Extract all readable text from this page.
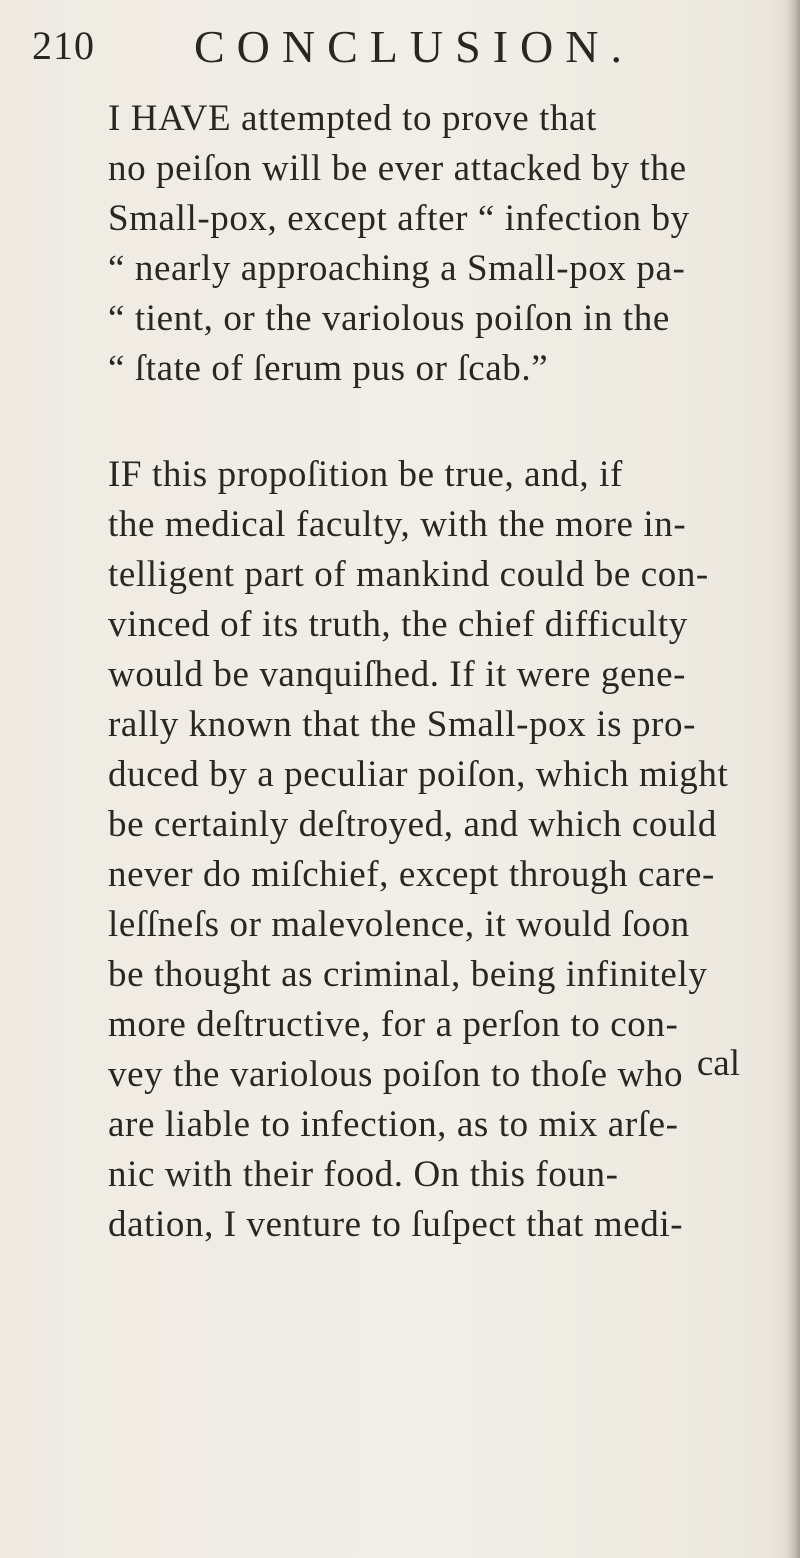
210 CONCLUSION.
I HAVE attempted to prove that
no peiſon will be ever attacked by the
Small-pox, except after “ infection by
“ nearly approaching a Small-pox pa-
“ tient, or the variolous poiſon in the
“ ſtate of ſerum pus or ſcab.”
IF this propoſition be true, and, if
the medical faculty, with the more in-
telligent part of mankind could be con-
vinced of its truth, the chief difficulty
would be vanquiſhed. If it were gene-
rally known that the Small-pox is pro-
duced by a peculiar poiſon, which might
be certainly deſtroyed, and which could
never do miſchief, except through care-
leſſneſs or malevolence, it would ſoon
be thought as criminal, being infinitely
more deſtructive, for a perſon to con-
vey the variolous poiſon to thoſe who
are liable to infection, as to mix arſe-
nic with their food. On this foun-
dation, I venture to ſuſpect that medi-
cal
